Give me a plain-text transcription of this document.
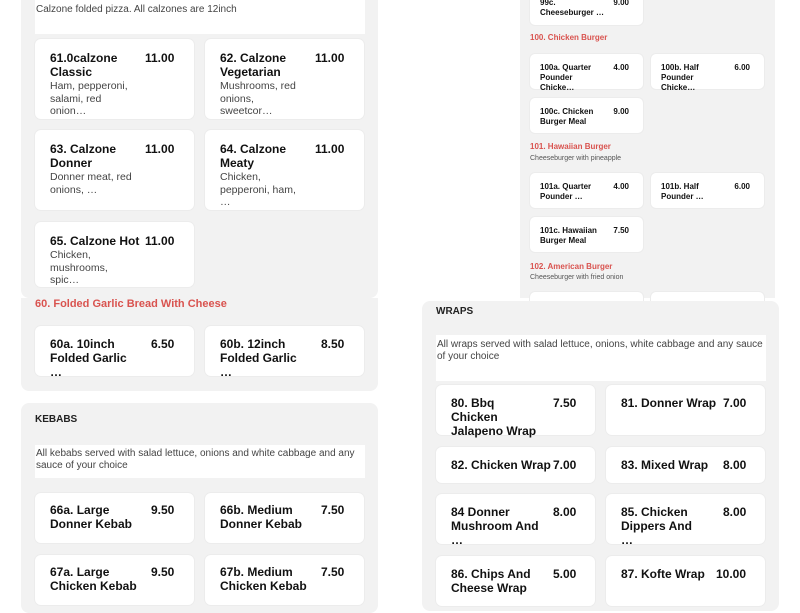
Calzone folded pizza. All calzones are 12inch
61.0calzone Classic
11.00
Ham, pepperoni, salami, red onion…
62. Calzone Vegetarian
11.00
Mushrooms, red onions, sweetcor…
63. Calzone Donner
11.00
Donner meat, red onions, …
64. Calzone Meaty
11.00
Chicken, pepperoni, ham, …
65. Calzone Hot 11.00
Chicken, mushrooms, spic…
60. Folded Garlic Bread With Cheese
60a. 10inch Folded Garlic …
6.50	60b. 12inch Folded Garlic …
8.50
KEBABS
All kebabs served with salad lettuce, onions and white cabbage and any sauce of your choice
66a. Large Donner Kebab
9.50	66b. Medium Donner Kebab
7.50
67a. Large Chicken Kebab
9.50	67b. Medium Chicken Kebab
7.50
99c. Cheeseburger …
9.00
100. Chicken Burger
100a. Quarter Pounder Chicke…
4.00	100b. Half Pounder Chicke…
6.00
100c. Chicken Burger Meal
9.00
101. Hawaiian Burger
Cheeseburger with pineapple
101a. Quarter Pounder …
4.00	101b. Half Pounder …
6.00
101c. Hawaiian Burger Meal
7.50
102. American Burger
Cheeseburger with fried onion
WRAPS
All wraps served with salad lettuce, onions, white cabbage and any sauce of your choice
80. Bbq Chicken Jalapeno Wrap
7.50	81. Donner Wrap 7.00
82. Chicken Wrap 7.00	83. Mixed Wrap	8.00
84 Donner Mushroom And …
8.00	85. Chicken Dippers And …
8.00
86. Chips And Cheese Wrap
5.00	87. Kofte Wrap 10.00
